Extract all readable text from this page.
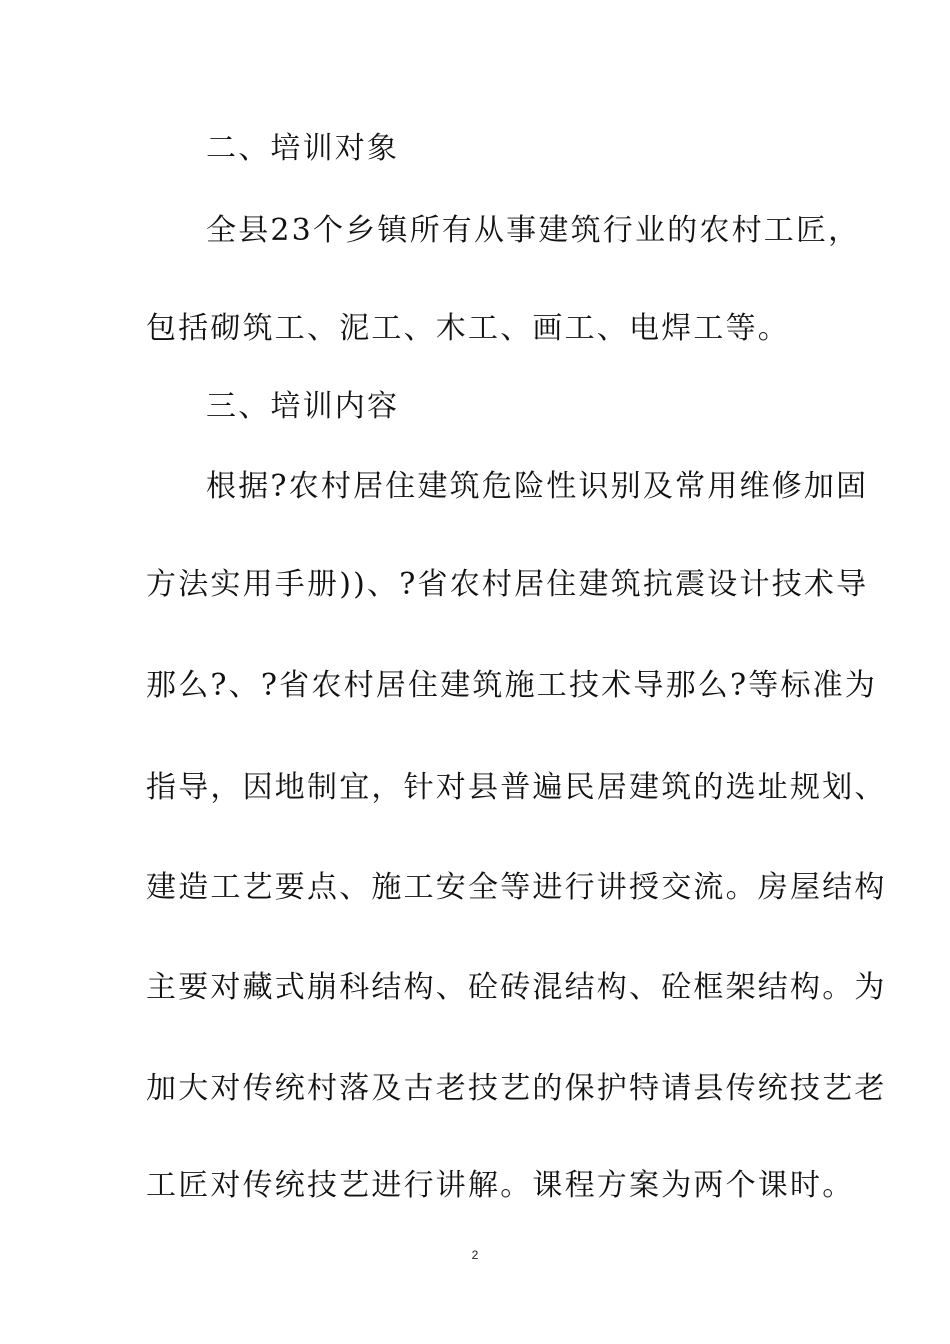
二、培训对象
全县23个乡镇所有从事建筑行业的农村工匠，
包括砌筑工、泥工、木工、画工、电焊工等。
三、培训内容
根据?农村居住建筑危险性识别及常用维修加固
方法实用手册))、?省农村居住建筑抗震设计技术导
那么?、?省农村居住建筑施工技术导那么?等标准为
指导，因地制宜，针对县普遍民居建筑的选址规划、
建造工艺要点、施工安全等进行讲授交流。房屋结构
主要对藏式崩科结构、砼砖混结构、砼框架结构。为
加大对传统村落及古老技艺的保护特请县传统技艺老
工匠对传统技艺进行讲解。课程方案为两个课时。
2
